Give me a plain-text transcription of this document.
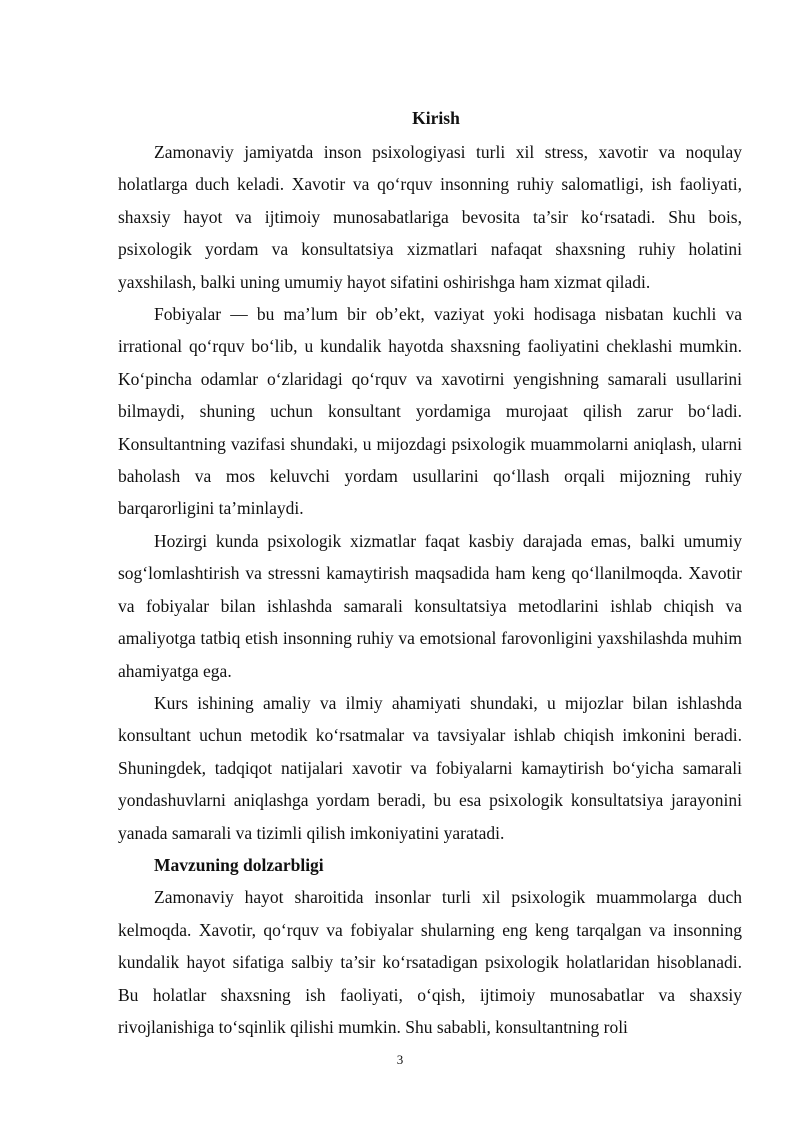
Kirish

Zamonaviy jamiyatda inson psixologiyasi turli xil stress, xavotir va noqulay holatlarga duch keladi. Xavotir va qo‘rquv insonning ruhiy salomatligi, ish faoliyati, shaxsiy hayot va ijtimoiy munosabatlariga bevosita ta’sir ko‘rsatadi. Shu bois, psixologik yordam va konsultatsiya xizmatlari nafaqat shaxsning ruhiy holatini yaxshilash, balki uning umumiy hayot sifatini oshirishga ham xizmat qiladi.

Fobiyalar — bu ma’lum bir ob’ekt, vaziyat yoki hodisaga nisbatan kuchli va irrational qo‘rquv bo‘lib, u kundalik hayotda shaxsning faoliyatini cheklashi mumkin. Ko‘pincha odamlar o‘zlaridagi qo‘rquv va xavotirni yengishning samarali usullarini bilmaydi, shuning uchun konsultant yordamiga murojaat qilish zarur bo‘ladi. Konsultantning vazifasi shundaki, u mijozdagi psixologik muammolarni aniqlash, ularni baholash va mos keluvchi yordam usullarini qo‘llash orqali mijozning ruhiy barqarorligini ta’minlaydi.

Hozirgi kunda psixologik xizmatlar faqat kasbiy darajada emas, balki umumiy sog‘lomlashtirish va stressni kamaytirish maqsadida ham keng qo‘llanilmoqda. Xavotir va fobiyalar bilan ishlashda samarali konsultatsiya metodlarini ishlab chiqish va amaliyotga tatbiq etish insonning ruhiy va emotsional farovonligini yaxshilashda muhim ahamiyatga ega.

Kurs ishining amaliy va ilmiy ahamiyati shundaki, u mijozlar bilan ishlashda konsultant uchun metodik ko‘rsatmalar va tavsiyalar ishlab chiqish imkonini beradi. Shuningdek, tadqiqot natijalari xavotir va fobiyalarni kamaytirish bo‘yicha samarali yondashuvlarni aniqlashga yordam beradi, bu esa psixologik konsultatsiya jarayonini yanada samarali va tizimli qilish imkoniyatini yaratadi.

Mavzuning dolzarbligi

Zamonaviy hayot sharoitida insonlar turli xil psixologik muammolarga duch kelmoqda. Xavotir, qo‘rquv va fobiyalar shularning eng keng tarqalgan va insonning kundalik hayot sifatiga salbiy ta’sir ko‘rsatadigan psixologik holatlaridan hisoblanadi. Bu holatlar shaxsning ish faoliyati, o‘qish, ijtimoiy munosabatlar va shaxsiy rivojlanishiga to‘sqinlik qilishi mumkin. Shu sababli, konsultantning roli

3
